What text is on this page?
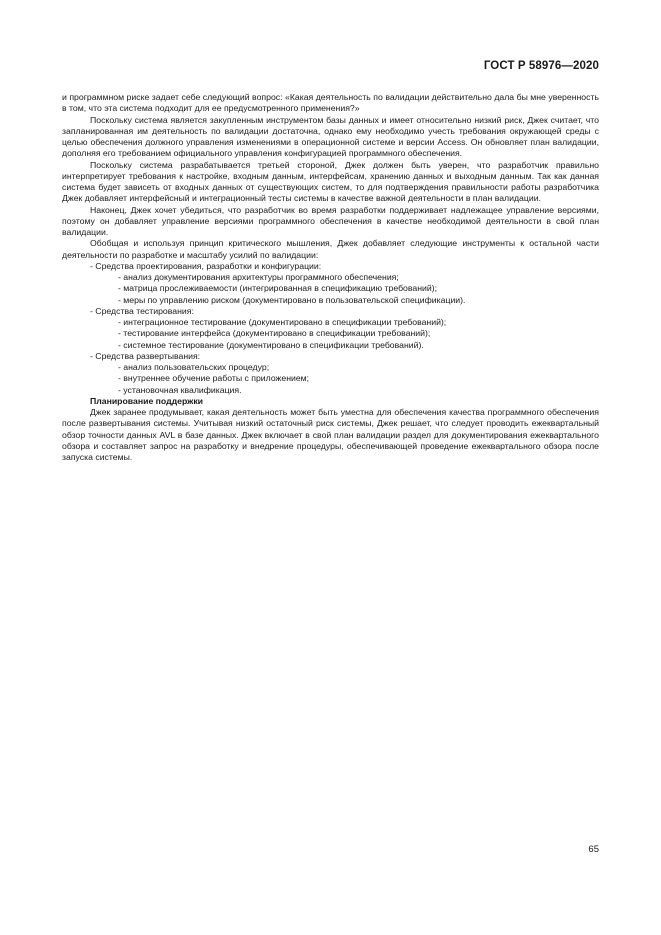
ГОСТ Р 58976—2020

и программном риске задает себе следующий вопрос: «Какая деятельность по валидации действительно дала бы мне уверенность в том, что эта система подходит для ее предусмотренного применения?»

Поскольку система является закупленным инструментом базы данных и имеет относительно низкий риск, Джек считает, что запланированная им деятельность по валидации достаточна, однако ему необходимо учесть требования окружающей среды с целью обеспечения должного управления изменениями в операционной системе и версии Access. Он обновляет план валидации, дополняя его требованием официального управления конфигурацией программного обеспечения.

Поскольку система разрабатывается третьей стороной, Джек должен быть уверен, что разработчик правильно интерпретирует требования к настройке, входным данным, интерфейсам, хранению данных и выходным данным. Так как данная система будет зависеть от входных данных от существующих систем, то для подтверждения правильности работы разработчика Джек добавляет интерфейсный и интеграционный тесты системы в качестве важной деятельности в план валидации.

Наконец, Джек хочет убедиться, что разработчик во время разработки поддерживает надлежащее управление версиями, поэтому он добавляет управление версиями программного обеспечения в качестве необходимой деятельности в свой план валидации.

Обобщая и используя принцип критического мышления, Джек добавляет следующие инструменты к остальной части деятельности по разработке и масштабу усилий по валидации:

- Средства проектирования, разработки и конфигурации:

- анализ документирования архитектуры программного обеспечения;

- матрица прослеживаемости (интегрированная в спецификацию требований);

- меры по управлению риском (документировано в пользовательской спецификации).

- Средства тестирования:

- интеграционное тестирование (документировано в спецификации требований);

- тестирование интерфейса (документировано в спецификации требований);

- системное тестирование (документировано в спецификации требований).

- Средства развертывания:

- анализ пользовательских процедур;

- внутреннее обучение работы с приложением;

- установочная квалификация.

Планирование поддержки

Джек заранее продумывает, какая деятельность может быть уместна для обеспечения качества программного обеспечения после развертывания системы. Учитывая низкий остаточный риск системы, Джек решает, что следует проводить ежеквартальный обзор точности данных AVL в базе данных. Джек включает в свой план валидации раздел для документирования ежеквартального обзора и составляет запрос на разработку и внедрение процедуры, обеспечивающей проведение ежеквартального обзора после запуска системы.

65
